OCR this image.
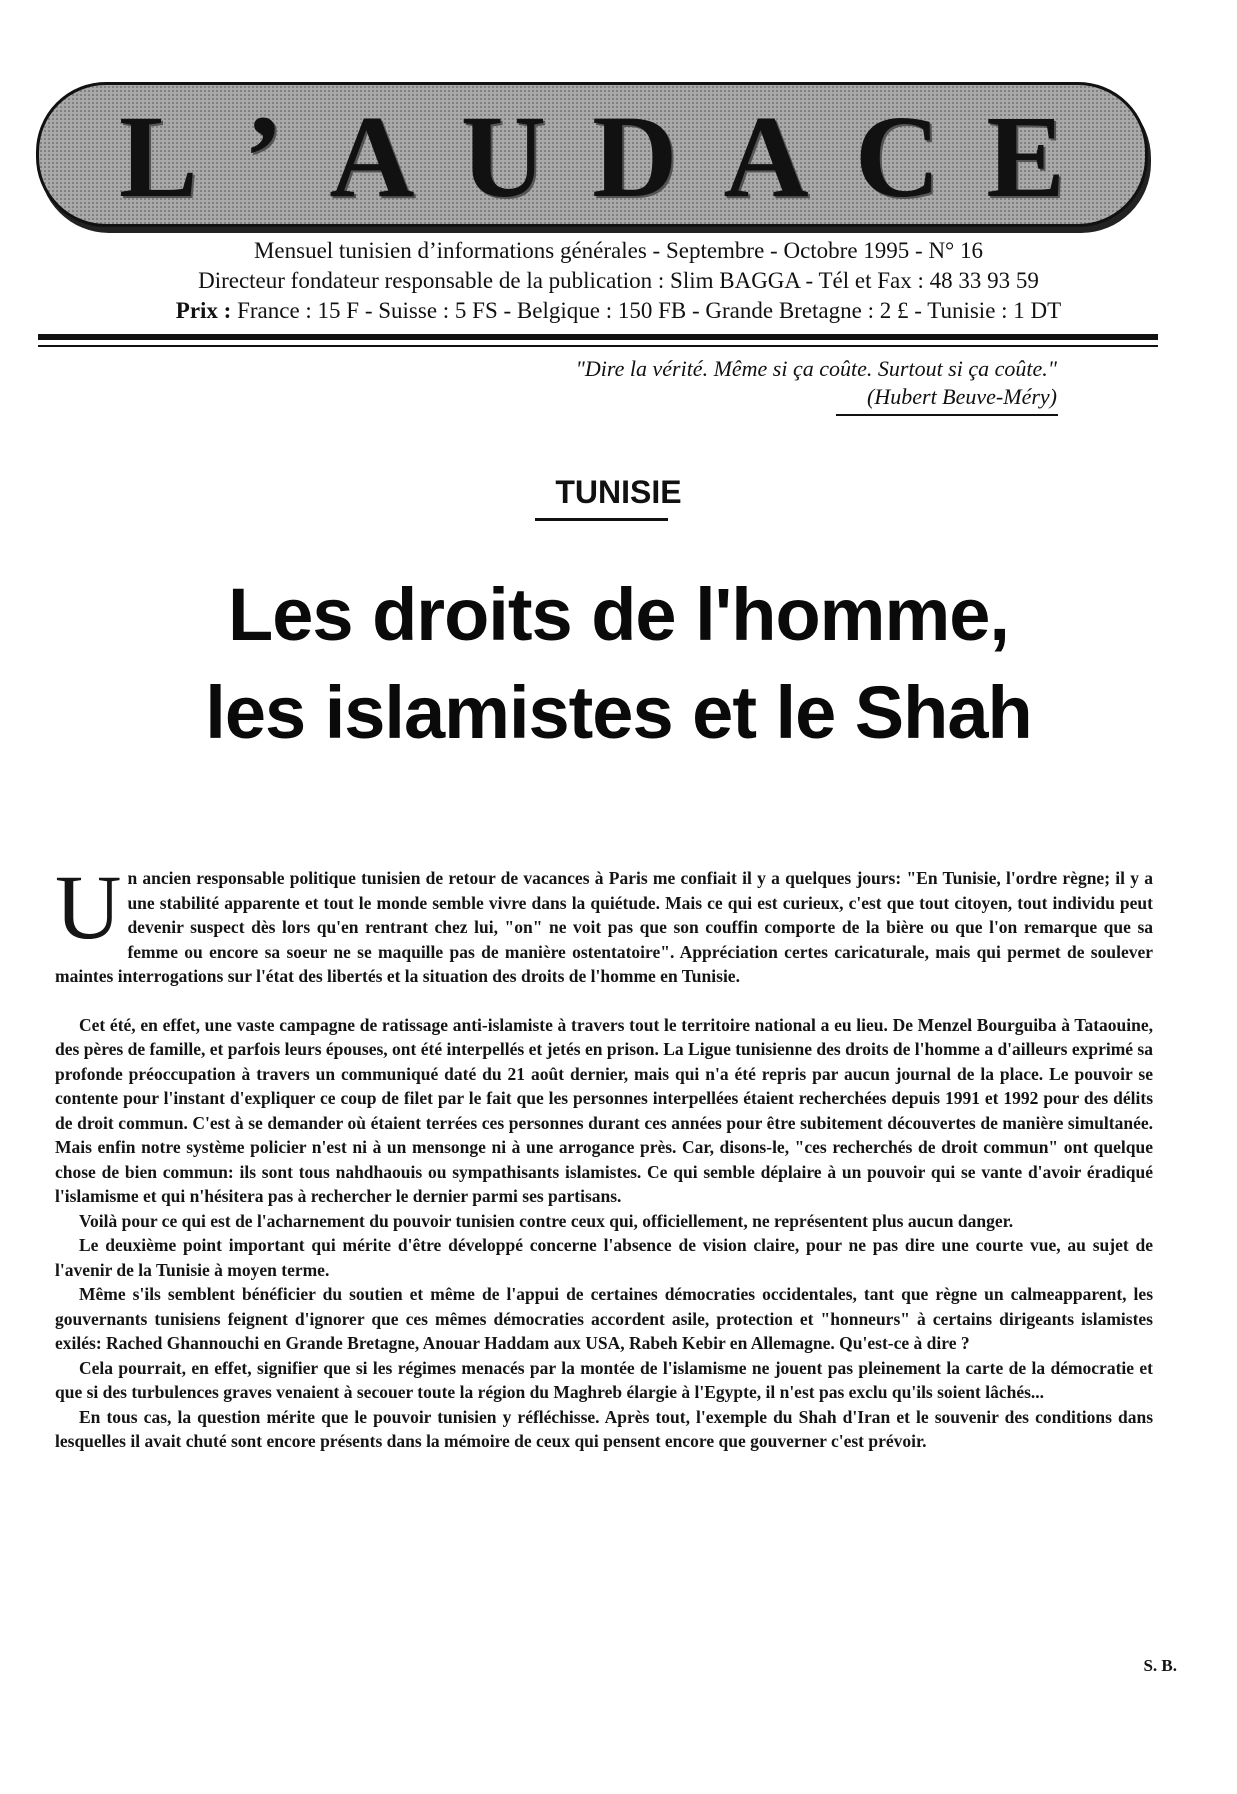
L ’ A U D A C E
Mensuel tunisien d’informations générales - Septembre - Octobre 1995 - N° 16
Directeur fondateur responsable de la publication : Slim BAGGA - Tél et Fax : 48 33 93 59
Prix : France : 15 F - Suisse : 5 FS - Belgique : 150 FB - Grande Bretagne : 2 £ - Tunisie : 1 DT
"Dire la vérité. Même si ça coûte. Surtout si ça coûte."
(Hubert Beuve-Méry)
TUNISIE
Les droits de l'homme,
les islamistes et le Shah

U n ancien responsable politique tunisien de retour de vacances à Paris me confiait il y a quelques jours: "En Tunisie, l'ordre règne; il y a une stabilité apparente et tout le monde semble vivre dans la quiétude. Mais ce qui est curieux, c'est que tout citoyen, tout individu peut devenir suspect dès lors qu'en rentrant chez lui, "on" ne voit pas que son couffin comporte de la bière ou que l'on remarque que sa femme ou encore sa soeur ne se maquille pas de manière ostentatoire". Appréciation certes caricaturale, mais qui permet de soulever maintes interrogations sur l'état des libertés et la situation des droits de l'homme en Tunisie.

Cet été, en effet, une vaste campagne de ratissage anti-islamiste à travers tout le territoire national a eu lieu. De Menzel Bourguiba à Tataouine, des pères de famille, et parfois leurs épouses, ont été interpellés et jetés en prison. La Ligue tunisienne des droits de l'homme a d'ailleurs exprimé sa profonde préoccupation à travers un communiqué daté du 21 août dernier, mais qui n'a été repris par aucun journal de la place. Le pouvoir se contente pour l'instant d'expliquer ce coup de filet par le fait que les personnes interpellées étaient recherchées depuis 1991 et 1992 pour des délits de droit commun. C'est à se demander où étaient terrées ces personnes durant ces années pour être subitement découvertes de manière simultanée. Mais enfin notre système policier n'est ni à un mensonge ni à une arrogance près. Car, disons-le, "ces recherchés de droit commun" ont quelque chose de bien commun: ils sont tous nahdhaouis ou sympathisants islamistes. Ce qui semble déplaire à un pouvoir qui se vante d'avoir éradiqué l'islamisme et qui n'hésitera pas à rechercher le dernier parmi ses partisans.

Voilà pour ce qui est de l'acharnement du pouvoir tunisien contre ceux qui, officiellement, ne représentent plus aucun danger.

Le deuxième point important qui mérite d'être développé concerne l'absence de vision claire, pour ne pas dire une courte vue, au sujet de l'avenir de la Tunisie à moyen terme.

Même s'ils semblent bénéficier du soutien et même de l'appui de certaines démocraties occidentales, tant que règne un calmeapparent, les gouvernants tunisiens feignent d'ignorer que ces mêmes démocraties accordent asile, protection et "honneurs" à certains dirigeants islamistes exilés: Rached Ghannouchi en Grande Bretagne, Anouar Haddam aux USA, Rabeh Kebir en Allemagne. Qu'est-ce à dire ?

Cela pourrait, en effet, signifier que si les régimes menacés par la montée de l'islamisme ne jouent pas pleinement la carte de la démocratie et que si des turbulences graves venaient à secouer toute la région du Maghreb élargie à l'Egypte, il n'est pas exclu qu'ils soient lâchés...

En tous cas, la question mérite que le pouvoir tunisien y réfléchisse. Après tout, l'exemple du Shah d'Iran et le souvenir des conditions dans lesquelles il avait chuté sont encore présents dans la mémoire de ceux qui pensent encore que gouverner c'est prévoir.

S. B.
